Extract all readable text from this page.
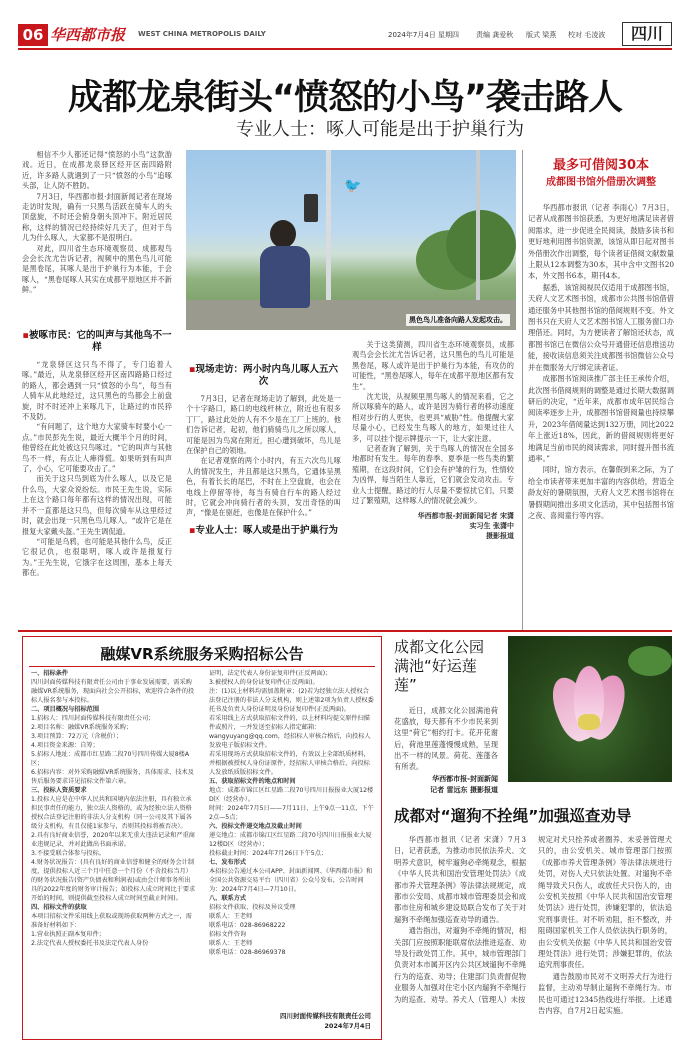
06 华西都市报 WEST CHINA METROPOLIS DAILY	2024年7月4日 星期四 责编 龚爱秋 版式 梁燕 校对 毛凌波	四川
成都龙泉街头“愤怒的小鸟”袭击路人
专业人士：啄人可能是出于护巢行为

相信不少人都还记得“愤怒的小鸟”这款游戏。近日，在成都龙泉驿区经开区南四路附近，许多路人就遇到了一只“愤怒的小鸟”追啄头部，让人防不胜防。

7月3日，华西都市报·封面新闻记者在现场走访时发现，确有一只黑鸟活跃在骑车人的头顶盘旋，不时还会俯身朝头顶冲下。附近居民称，这样的情况已经持续好几天了，但对于鸟儿为什么啄人，大家都不是很明白。

对此，四川省生态环境观察员、成都观鸟会会长沈尤告诉记者，视频中的黑色鸟儿可能是黑卷尾，其啄人是出于护巢行为本能，于会啄人，“黑卷尾啄人其实在成都平原地区并不新鲜。”

🐦
黑色鸟儿准备向路人发起攻击。
▪被啄市民：它的叫声与其他鸟不一样

“龙泉驿区这只鸟不得了，专门追着人啄。”最近，从龙泉驿区经开区南四路路口经过的路人，都会遇到一只“愤怒的小鸟”，每当有人骑车从此地经过，这只黑色的鸟都会上前盘旋，时不时还冲上来啄几下，让路过的市民猝不及防。

“有问题了，这个地方大家骑车时要小心一点。”市民彭先生说，最近大概半个月的时间，他曾经在此处被这只鸟啄过。“它的叫声与其他鸟不一样，有点让人瘆得慌。如果听到有叫声了，小心，它可能要攻击了。”

而关于这只鸟到底为什么啄人，以及它是什么鸟，大家众说纷纭。市民王先生说，实际上在这个路口每年都有这样的情况出现，可能并不一直都是这只鸟，但每次骑车从这里经过时，就会出现一只黑色鸟儿啄人。“或许它是在报复大家戴头盔。”王先生调侃道。

“可能是乌鸦，也可能是其他什么鸟，反正它很记仇，也很聪明，啄人或许是报复行为。”王先生说，它饿字在这周围，基本上每天都在。

▪现场走访：两小时内鸟儿啄人五六次

7月3日，记者在现场走访了解到，此处是一个十字路口，路口的电线杆林立，附近也有很多丁厂，路过此处的人有不少是在工厂上班的。他们告诉记者，起初，他们骑骑鸟儿之所以啄人，可能是因为鸟窝在附近，担心遭到破坏，鸟儿是在保护自己的领地。

在记者观察的两个小时内，有五六次鸟儿啄人的情况发生，并且都是这只黑鸟，它通体呈黑色，有着长长的尾巴，不时在上空盘旋，也会在电线上停留等待，每当有骑自行车的路人经过时，它就会冲向骑行者的头顶，发出奇怪的叫声，“像是在驱赶，也像是在保护什么。”

▪专业人士：啄人或是出于护巢行为

关于这类猜测，四川省生态环境观察员，成都观鸟会会长沈尤告诉记者，这只黑色的鸟儿可能是黑卷尾，啄人或许是出于护巢行为本能，有攻仿的可能性，“黑卷尾啄人，每年在成都平原地区都有发生”。

沈尤说，从视频里黑鸟啄人的情况来看，它之所以啄骑车的路人，或许是因为骑行者的移动速度相对步行的人更快，也更具“威胁”性。他提醒大家尽量小心，已经发生鸟啄人的地方，如果过往人多，可以挂个提示牌提示一下，让大家注意。

记者查询了解到，关于鸟啄人的情况在全国多地都时有发生。每年的春季、夏季是一些鸟类的繁殖期，在这段时间，它们会有护雏的行为，性情较为凶悍，每当陌生人靠近，它们就会发动攻击。专业人士提醒，路过的行人尽量不要惊扰它们，只要过了繁殖期，这样啄人的情况就会减少。

华西都市报-封面新闻记者 宋潇
实习生 张潇中
摄影报道
最多可借阅30本
成都图书馆外借册次调整

华西都市报讯（记者 李雨心）7月3日，记者从成都图书馆获悉，为更好地满足读者借阅需求，进一步促进全民阅读，鼓励多读书和更好地利用图书馆资源，该馆从即日起对图书外借册次作出调整，每个读者证借阅文献数量上限从12本调整为30本，其中含中文图书20本，外文图书6本，期刊4本。

据悉，该馆阅视民仅适用于成都图书馆，天府人文艺术图书馆，成都市公共图书馆借借通还服务中其他图书馆的借阅规则不变。外文图书只在天府人文艺术图书馆人工服务窗口办理借还。同时，为方便读者了解馆还状态，成都图书馆已在微信公众号开通借还信息推送功能，接收读信息须关注成都图书馆微信公众号并在微服务大厅绑定读者证。

成都图书馆阅读推广部主任王承传介绍，此次图书借阅规则的调整是通过长期大数据调研后的决定，“近年来，成都市成年居民综合阅读率逐步上升，成都图书馆借阅量也持续攀升，2023年借阅量达到132万册，同比2022年上涨近18%，因此，新的借阅规则将更好地满足当前市民的阅读需求，同时提升图书流通率。”

同时，馆方表示，在馨假到来之际，为了给全市读者带来更加丰富的内容供给，营造全龄友好的暑期氛围，天府人文艺术图书馆将在暑假期间推出多项文化活动，其中包括图书馆之夜、喜阅童行等内容。

融媒VR系统服务采购招标公告
一、招标条件
四川封面传媒科技有限责任公司由于事业发展需要，需采购融媒VR系统服务，现面向社会公开招标，欢迎符合条件的投标人报名参与本投标。
二、项目概况与招标范围
1.招标人：四川封面传媒科技有限责任公司；
2.项目名称：融媒VR系统服务采购；
3.项目预算：72万元（含税价）；
4.项目资金来源：自筹；
5.招标人地址：成都市红星路二段70号四川传媒大厦8楼A区；
6.招标内容：对外采购融媒VR系统服务，具体需求、技术及售后服务要求详见招标文件第六章。
三、投标人资质要求
1.投标人应是在中华人民共和国境内依法注册，具有独立承担民事责任的能力，独立法人资格的，或为经独立法人资格授权合法登记注册的非法人分支机构（同一公司及其下属各级分支机构，有且仅能1家参与，否则其投标将被否决）。
2.具有良好商业信誉，2020年以来无重大违法记录和严重商业违规记录，并对此做出书面承诺。
3.不接受联合体参与投标。
4.财务状况报告：(具有良好的商业信誉和健全的财务会计制度，提供投标人近三个月中任意一个月份（不含投标当月）的财务状况报告(资产负债表和利润表)或由会计师事务所出具的2022年度的财务审计报告；如投标人成立时间比于要求开始的时间，则提供截至投标人成立时间至截止时间)。
四、招标文件的获取
本项目招标文件采用线上获取或现场获取两种方式之一，需准备好材料如下：
1.营业执照正副本复印件；
2.法定代表人授权委托书及法定代表人身份
证明，法定代表人身份证复印件(正反两面)；
3.被授权人的身份证复印件(正反两面)。
注：(1)以上材料均需加盖附章；(2)若为经独立法人授权合法登记注册的非法人分支机构，则上述第2项为负责人授权委托书及负责人身份证明及身份证复印件(正反两面)。
若采用线上方式获取招标文件的，以上材料均提交原件扫描件或照片，一并发送至招标人指定邮箱：wangyuyang@qq.com，经招标人审核合格后，向投标人发放电子版招标文件。
若采用现场方式获取招标文件的，有效以上全部纸质材料，并根据被授权人身份证原件，经招标人审核合格后，向投标人发放纸质版招标文件。
五、获取招标文件的地点和时间
地点：成都市锦江区红星路二段70号四川日报报业大厦12楼D区（经营办）。
时间：2024年7月5日——7月11日，上午9点一11点，下午2点—5点；
六、投标文件递交地点及截止时间
递交地点：成都市锦江区红星路二段70号四川日报报业大厦12楼D区（经营办）；
投标截止时间：2024年7月26日下午5点；
七、发布形式
本招标公告通过本公司APP、封面新闻网、《华西都市报》和全国公共资源交易平台（四川省）公众号发布，公告时间为：2024年7月4日—7月10日。
八、联系方式
招标文件获取、投标及异议受理
联系人：王老师
联系电话：028-86968222
招标文件咨询
联系人：王老师
联系电话：028-86969378
四川封面传媒科技有限责任公司
2024年7月4日
成都文化公园
满池“好运莲莲”

近日，成都文化公园满池荷花盛放，每天都有不少市民来到这里“荷它”相约打卡。花开花谢后，荷池里莲蓬慢慢成熟，呈现出不一样的风景。荷花、莲蓬各有所表。

华西都市报-封面新闻
记者 雷远东 摄影报道
成都对“遛狗不拴绳”加强巡查劝导

华西都市报讯（记者 宋潇）7月3日，记者获悉，为推动市民依法养犬、文明养犬意识，树牢遛狗必牵绳观念，根据《中华人民共和国治安管理处罚法》《成都市养犬管理条例》等法律法规规定，成都市公安局、成都市城市管理委员会和成都市住房和城乡建设局联合发布了关于对遛狗不牵绳加强巡查劝导的通告。

通告指出，对遛狗不牵绳的情况，相关部门应按照职能联席依法推进巡查、劝导及行政处罚工作。其中，城市管理部门负责对本市属开区内公共区域遛狗不牵绳行为的巡查、劝导；住建部门负责督促物业服务人加强对住宅小区内遛狗不牵绳行为的巡查、劝导。养犬人（管理人）未按

规定对犬只拴养或者圈养、未妥善管理犬只的，由公安机关、城市管理部门按照《成都市养犬管理条例》等法律法规进行处罚，对伤人犬只依法处置。对遛狗不牵绳导致犬只伤人，或放任犬只伤人的，由公安机关按照《中华人民共和国治安管理处罚法》进行处罚，涉嫌犯罪的，依法追究刑事责任。对不听劝阻，拒不整改，并阻碍国家机关工作人员依法执行职务的，由公安机关依据《中华人民共和国治安管理处罚法》进行处罚；涉嫌犯罪的，依法追究刑事责任。

通告鼓励市民对不文明养犬行为进行监督，主动劝导制止遛狗不牵绳行为。市民也可通过12345热线进行举报。上述通告内容，自7月2日起实施。
